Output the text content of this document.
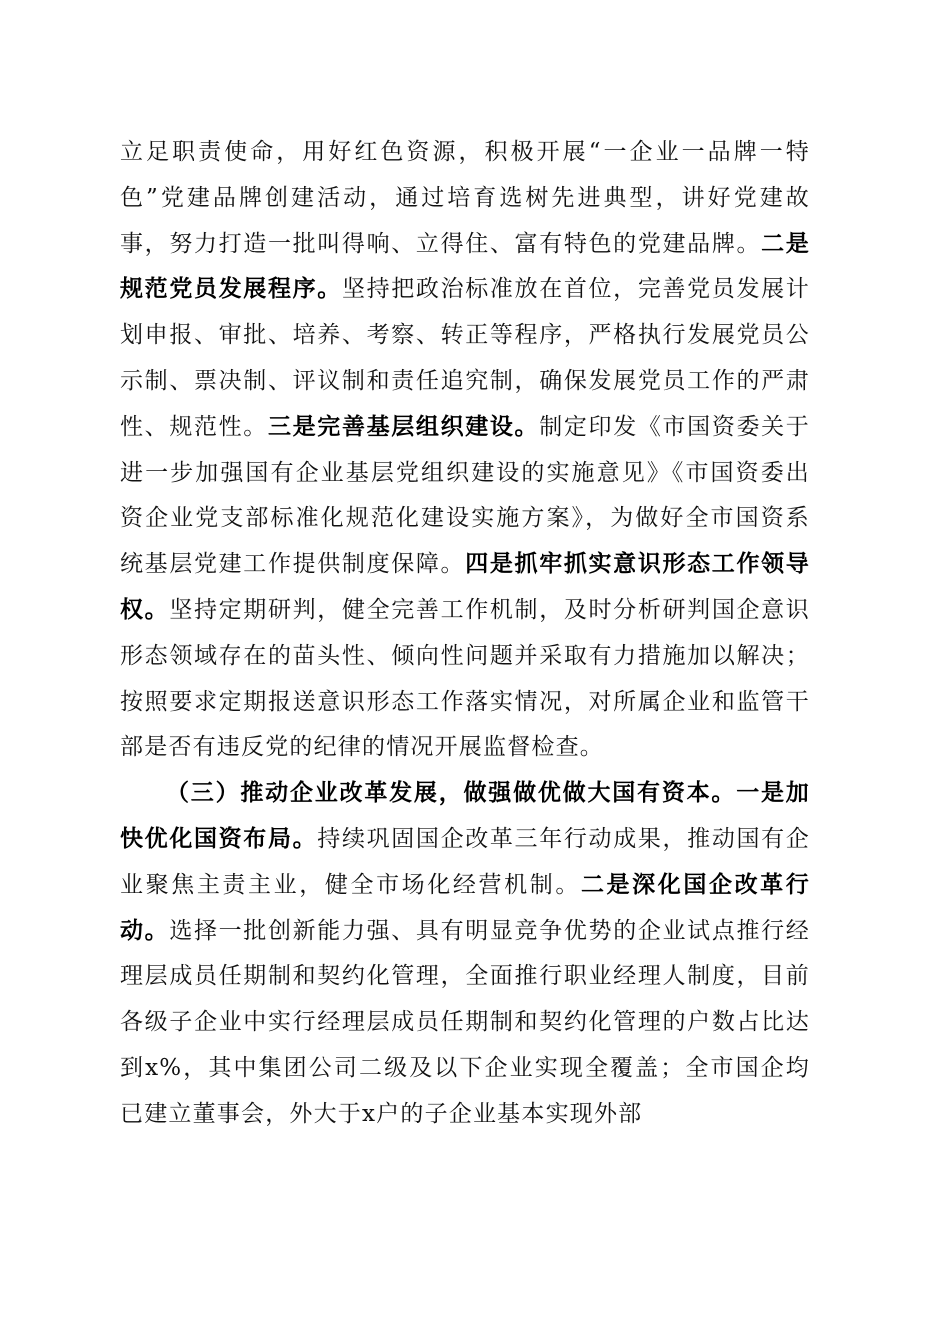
立足职责使命，用好红色资源，积极开展“一企业一品牌一特色”党建品牌创建活动，通过培育选树先进典型，讲好党建故事，努力打造一批叫得响、立得住、富有特色的党建品牌。二是规范党员发展程序。坚持把政治标准放在首位，完善党员发展计划申报、审批、培养、考察、转正等程序，严格执行发展党员公示制、票决制、评议制和责任追究制，确保发展党员工作的严肃性、规范性。三是完善基层组织建设。制定印发《市国资委关于进一步加强国有企业基层党组织建设的实施意见》《市国资委出资企业党支部标准化规范化建设实施方案》，为做好全市国资系统基层党建工作提供制度保障。四是抓牢抓实意识形态工作领导权。坚持定期研判，健全完善工作机制，及时分析研判国企意识形态领域存在的苗头性、倾向性问题并采取有力措施加以解决；按照要求定期报送意识形态工作落实情况，对所属企业和监管干部是否有违反党的纪律的情况开展监督检查。

（三）推动企业改革发展，做强做优做大国有资本。一是加快优化国资布局。持续巩固国企改革三年行动成果，推动国有企业聚焦主责主业，健全市场化经营机制。二是深化国企改革行动。选择一批创新能力强、具有明显竞争优势的企业试点推行经理层成员任期制和契约化管理，全面推行职业经理人制度，目前各级子企业中实行经理层成员任期制和契约化管理的户数占比达到x%，其中集团公司二级及以下企业实现全覆盖；全市国企均已建立董事会，外大于x户的子企业基本实现外部
